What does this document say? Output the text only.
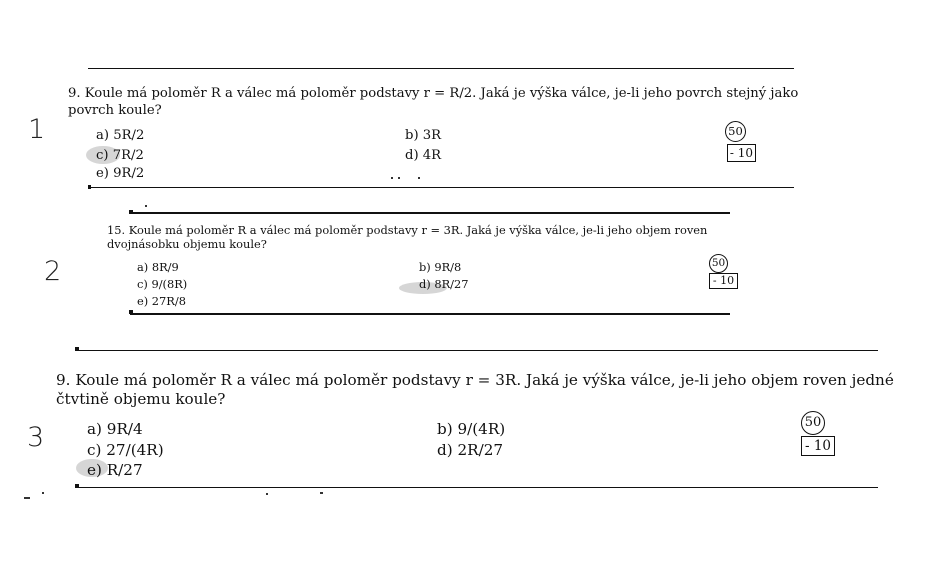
1
9. Koule má poloměr R a válec má poloměr podstavy r = R/2. Jaká je výška válce, je-li jeho povrch stejný jako povrch koule?
a) 5R/2	b) 3R
c) 7R/2	d) 4R
e) 9R/2
50
- 10
2
15. Koule má poloměr R a válec má poloměr podstavy r = 3R. Jaká je výška válce, je-li jeho objem roven dvojnásobku objemu koule?
a) 8R/9	b) 9R/8
c) 9/(8R)	d) 8R/27
e) 27R/8
50
- 10
3
9. Koule má poloměr R a válec má poloměr podstavy r = 3R. Jaká je výška válce, je-li jeho objem roven jedné čtvtině objemu koule?
a) 9R/4	b) 9/(4R)
c) 27/(4R)	d) 2R/27
e) R/27
50
- 10
